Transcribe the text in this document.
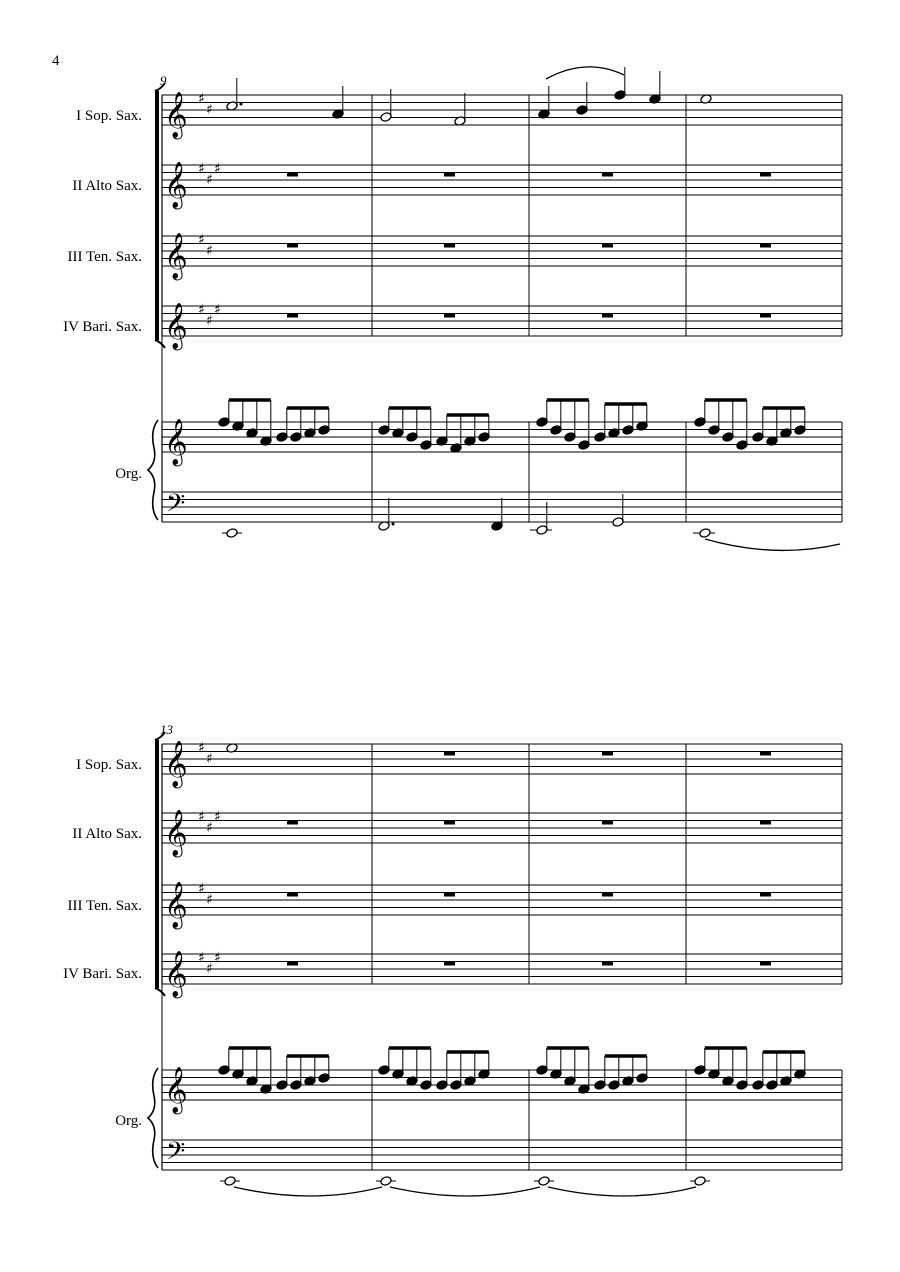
4
I Sop. Sax.
II Alto Sax.
III Ten. Sax.
IV Bari. Sax.
Org.
9
I Sop. Sax.
II Alto Sax.
III Ten. Sax.
IV Bari. Sax.
Org.
13
𝄞 ♯
♯
𝄞 ♯
♯
♯
𝄞 ♯
♯
𝄞 ♯
♯
♯
𝄞
𝄢
𝄞 ♯
♯
𝄞 ♯
♯
♯
𝄞 ♯
♯
𝄞 ♯
♯
♯
𝄞
𝄢
